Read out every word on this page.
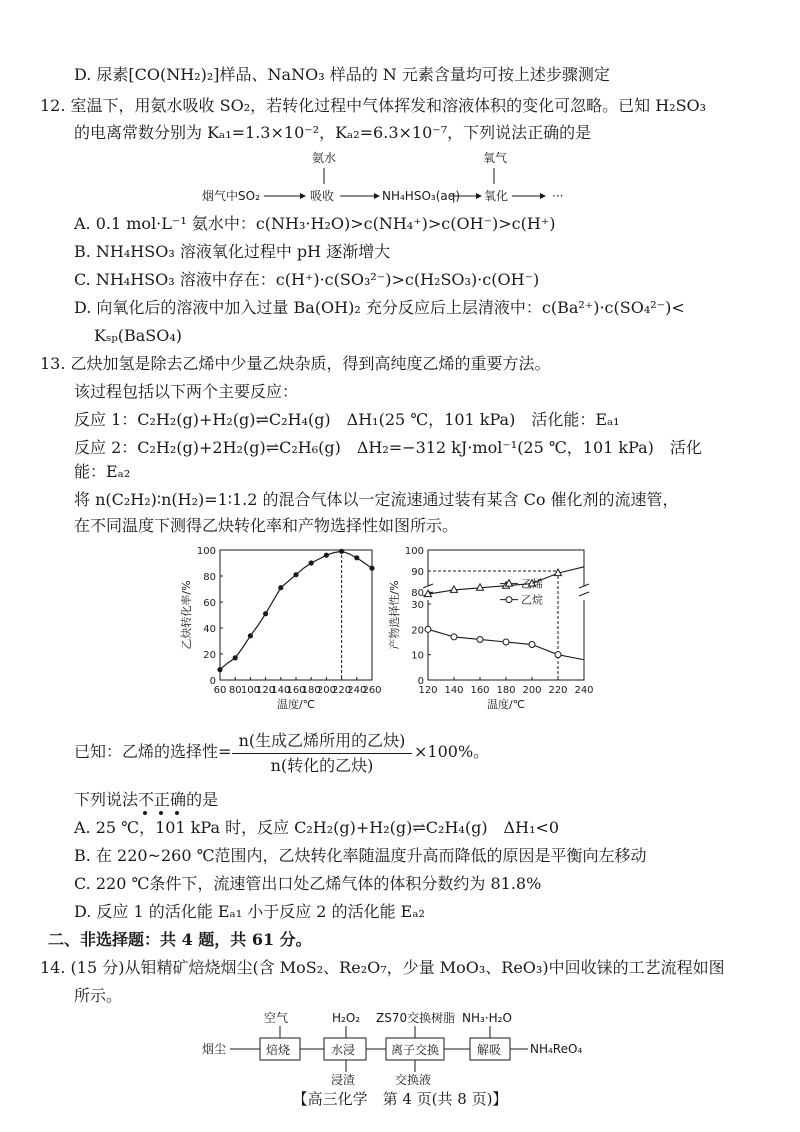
D. 尿素[CO(NH₂)₂]样品、NaNO₃ 样品的 N 元素含量均可按上述步骤测定
12. 室温下，用氨水吸收 SO₂，若转化过程中气体挥发和溶液体积的变化可忽略。已知 H₂SO₃
的电离常数分别为 Kₐ₁=1.3×10⁻²，Kₐ₂=6.3×10⁻⁷，下列说法正确的是
氨水	氧气
烟气中SO₂	吸收	NH₄HSO₃(aq) 氧化	···
A. 0.1 mol·L⁻¹ 氨水中：c(NH₃·H₂O)>c(NH₄⁺)>c(OH⁻)>c(H⁺)
B. NH₄HSO₃ 溶液氧化过程中 pH 逐渐增大
C. NH₄HSO₃ 溶液中存在：c(H⁺)·c(SO₃²⁻)>c(H₂SO₃)·c(OH⁻)
D. 向氧化后的溶液中加入过量 Ba(OH)₂ 充分反应后上层清液中：c(Ba²⁺)·c(SO₄²⁻)<
Kₛₚ(BaSO₄)
13. 乙炔加氢是除去乙烯中少量乙炔杂质，得到高纯度乙烯的重要方法。
该过程包括以下两个主要反应：
反应 1：C₂H₂(g)+H₂(g)⇌C₂H₄(g)　ΔH₁(25 ℃，101 kPa)　活化能：Eₐ₁
反应 2：C₂H₂(g)+2H₂(g)⇌C₂H₆(g)　ΔH₂=−312 kJ·mol⁻¹(25 ℃，101 kPa)　活化
能：Eₐ₂
将 n(C₂H₂)∶n(H₂)=1∶1.2 的混合气体以一定流速通过装有某含 Co 催化剂的流速管，
在不同温度下测得乙炔转化率和产物选择性如图所示。
60 80 100
120
140
160
180
200
220
240
260
0
20
40
60
80
100
温度/℃
乙炔转化率/%
120 140 160 180 200 220 240
0
10
20
30
80
90
100
温度/℃
产物选择性/%	乙烯
乙烷
已知：乙烯的选择性=
n(生成乙烯所用的乙炔)
n(转化的乙炔)
×100%。
下列说法不
正
确
的是
A. 25 ℃，101 kPa 时，反应 C₂H₂(g)+H₂(g)⇌C₂H₄(g)　ΔH₁<0
B. 在 220~260 ℃范围内，乙炔转化率随温度升高而降低的原因是平衡向左移动
C. 220 ℃条件下，流速管出口处乙烯气体的体积分数约为 81.8%
D. 反应 1 的活化能 Eₐ₁ 小于反应 2 的活化能 Eₐ₂
二、非选择题：共 4 题，共 61 分。
14. (15 分)从钼精矿焙烧烟尘(含 MoS₂、Re₂O₇，少量 MoO₃、ReO₃)中回收铼的工艺流程如图
所示。
空气	H₂O₂ ZS70交换树脂 NH₃·H₂O
烟尘	焙烧	水浸	离子交换	解吸 NH₄ReO₄
浸渣	交换液
【高三化学　第 4 页(共 8 页)】
